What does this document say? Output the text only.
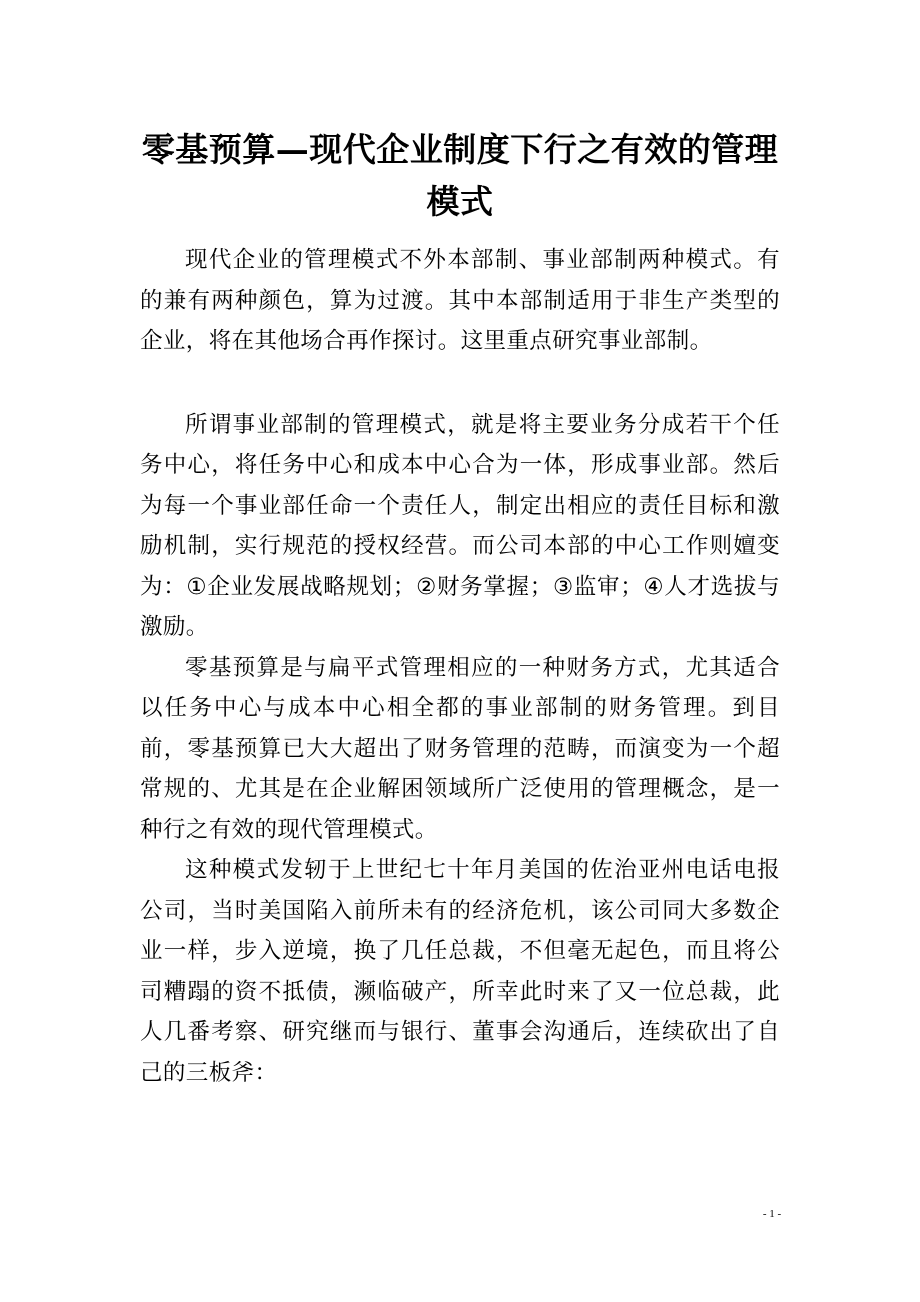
零基预算—现代企业制度下行之有效的管理模式

现代企业的管理模式不外本部制、事业部制两种模式。有的兼有两种颜色，算为过渡。其中本部制适用于非生产类型的企业，将在其他场合再作探讨。这里重点研究事业部制。

所谓事业部制的管理模式，就是将主要业务分成若干个任务中心，将任务中心和成本中心合为一体，形成事业部。然后为每一个事业部任命一个责任人，制定出相应的责任目标和激励机制，实行规范的授权经营。而公司本部的中心工作则嬗变为：①企业发展战略规划；②财务掌握；③监审；④人才选拔与激励。

零基预算是与扁平式管理相应的一种财务方式，尤其适合以任务中心与成本中心相全都的事业部制的财务管理。到目前，零基预算已大大超出了财务管理的范畴，而演变为一个超常规的、尤其是在企业解困领域所广泛使用的管理概念，是一种行之有效的现代管理模式。

这种模式发轫于上世纪七十年月美国的佐治亚州电话电报公司，当时美国陷入前所未有的经济危机，该公司同大多数企业一样，步入逆境，换了几任总裁，不但毫无起色，而且将公司糟蹋的资不抵债，濒临破产，所幸此时来了又一位总裁，此人几番考察、研究继而与银行、董事会沟通后，连续砍出了自己的三板斧：

- 1 -
